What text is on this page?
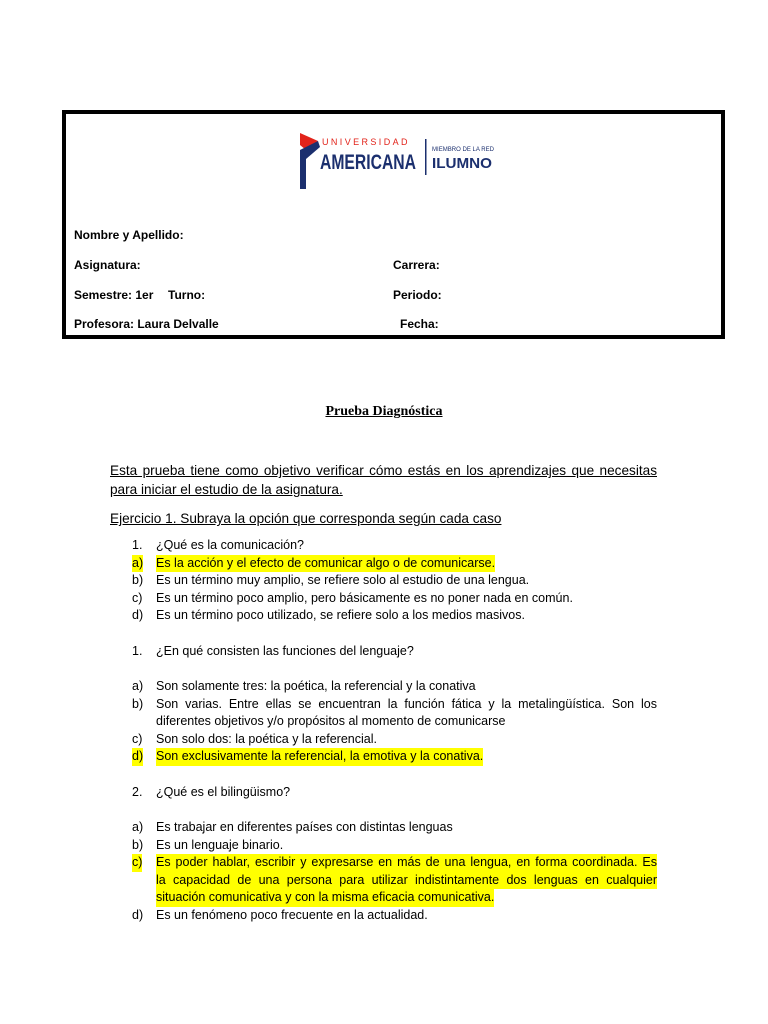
UNIVERSIDAD
AMERICANA
MIEMBRO DE LA RED
ILUMNO
Nombre y Apellido:
Asignatura:	Carrera:
Semestre: 1er Turno:	Periodo:
Profesora: Laura Delvalle	Fecha:
Prueba Diagnóstica
Esta prueba tiene como objetivo verificar cómo estás en los aprendizajes que necesitas para iniciar el estudio de la asignatura.
Ejercicio 1. Subraya la opción que corresponda según cada caso
1. ¿Qué es la comunicación?
a) Es la acción y el efecto de comunicar algo o de comunicarse.
b) Es un término muy amplio, se refiere solo al estudio de una lengua.
c) Es un término poco amplio, pero básicamente es no poner nada en común.
d) Es un término poco utilizado, se refiere solo a los medios masivos.
1. ¿En qué consisten las funciones del lenguaje?
a) Son solamente tres: la poética, la referencial y la conativa
b) Son varias. Entre ellas se encuentran la función fática y la metalingüística. Son los
diferentes objetivos y/o propósitos al momento de comunicarse
c) Son solo dos: la poética y la referencial.
d) Son exclusivamente la referencial, la emotiva y la conativa.
2. ¿Qué es el bilingüismo?
a) Es trabajar en diferentes países con distintas lenguas
b) Es un lenguaje binario.
c) Es poder hablar, escribir y expresarse en más de una lengua, en forma coordinada. Es
la capacidad de una persona para utilizar indistintamente dos lenguas en cualquier
situación comunicativa y con la misma eficacia comunicativa.
d) Es un fenómeno poco frecuente en la actualidad.
